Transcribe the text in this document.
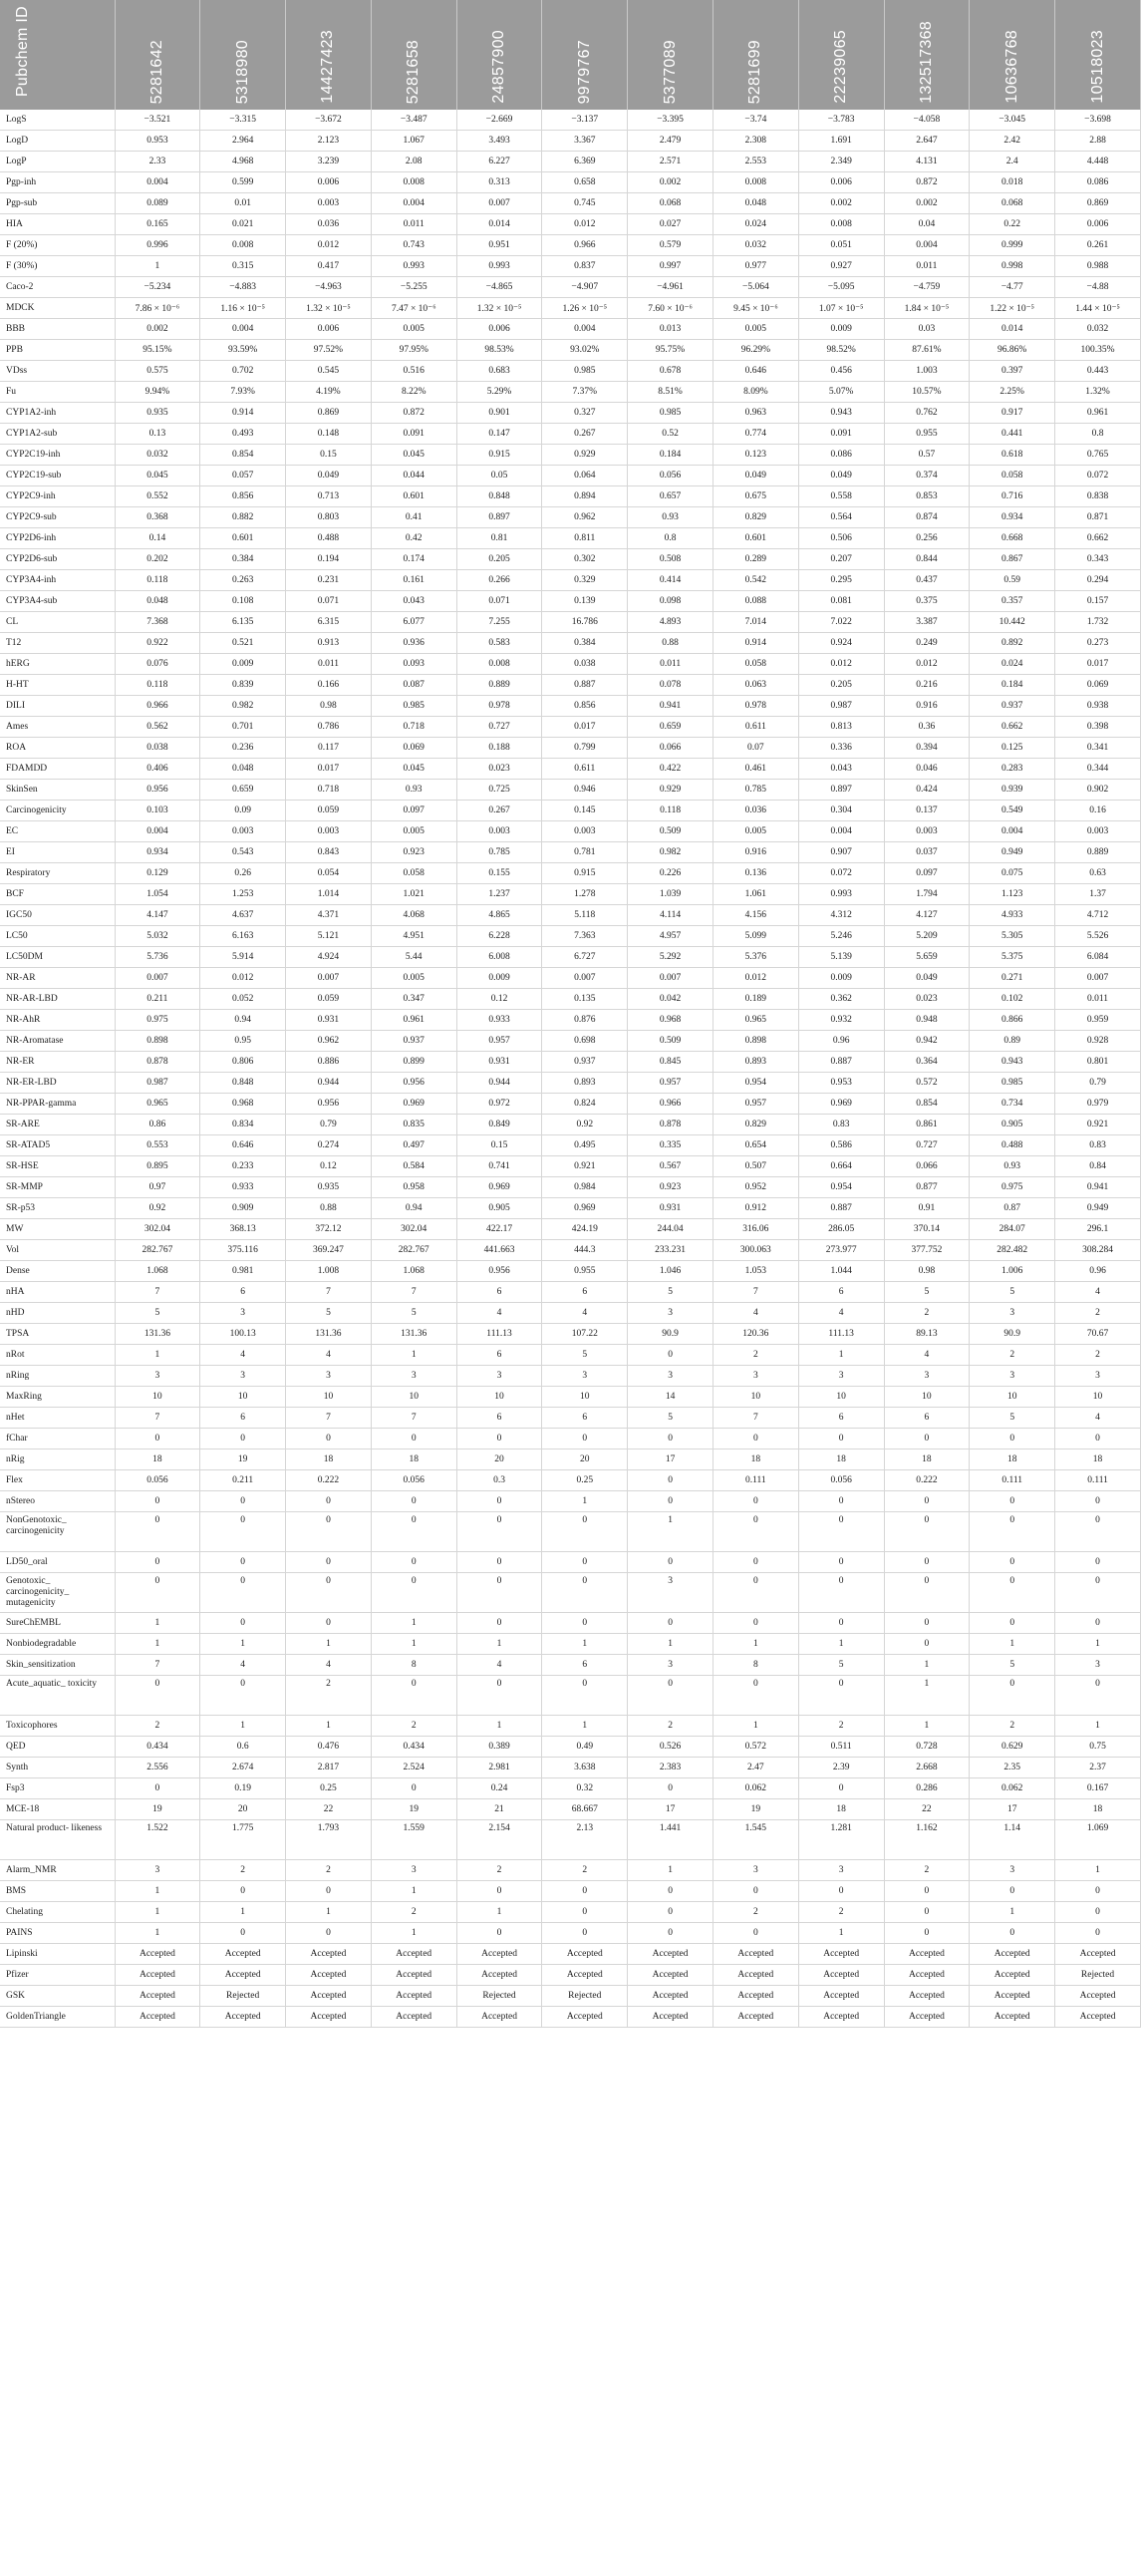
Pubchem ID	5281642	5318980	14427423	5281658	24857900	9979767	5377089	5281699	22239065	132517368	10636768	10518023

LogS	−3.521	−3.315	−3.672	−3.487	−2.669	−3.137	−3.395	−3.74	−3.783	−4.058	−3.045	−3.698
LogD	0.953	2.964	2.123	1.067	3.493	3.367	2.479	2.308	1.691	2.647	2.42	2.88
LogP	2.33	4.968	3.239	2.08	6.227	6.369	2.571	2.553	2.349	4.131	2.4	4.448
Pgp-inh	0.004	0.599	0.006	0.008	0.313	0.658	0.002	0.008	0.006	0.872	0.018	0.086
Pgp-sub	0.089	0.01	0.003	0.004	0.007	0.745	0.068	0.048	0.002	0.002	0.068	0.869
HIA	0.165	0.021	0.036	0.011	0.014	0.012	0.027	0.024	0.008	0.04	0.22	0.006
F (20%)	0.996	0.008	0.012	0.743	0.951	0.966	0.579	0.032	0.051	0.004	0.999	0.261
F (30%)	1	0.315	0.417	0.993	0.993	0.837	0.997	0.977	0.927	0.011	0.998	0.988
Caco-2	−5.234	−4.883	−4.963	−5.255	−4.865	−4.907	−4.961	−5.064	−5.095	−4.759	−4.77	−4.88
MDCK	7.86 × 10⁻⁶	1.16 × 10⁻⁵	1.32 × 10⁻⁵	7.47 × 10⁻⁶	1.32 × 10⁻⁵	1.26 × 10⁻⁵	7.60 × 10⁻⁶	9.45 × 10⁻⁶	1.07 × 10⁻⁵	1.84 × 10⁻⁵	1.22 × 10⁻⁵	1.44 × 10⁻⁵
BBB	0.002	0.004	0.006	0.005	0.006	0.004	0.013	0.005	0.009	0.03	0.014	0.032
PPB	95.15%	93.59%	97.52%	97.95%	98.53%	93.02%	95.75%	96.29%	98.52%	87.61%	96.86%	100.35%
VDss	0.575	0.702	0.545	0.516	0.683	0.985	0.678	0.646	0.456	1.003	0.397	0.443
Fu	9.94%	7.93%	4.19%	8.22%	5.29%	7.37%	8.51%	8.09%	5.07%	10.57%	2.25%	1.32%
CYP1A2-inh	0.935	0.914	0.869	0.872	0.901	0.327	0.985	0.963	0.943	0.762	0.917	0.961
CYP1A2-sub	0.13	0.493	0.148	0.091	0.147	0.267	0.52	0.774	0.091	0.955	0.441	0.8
CYP2C19-inh	0.032	0.854	0.15	0.045	0.915	0.929	0.184	0.123	0.086	0.57	0.618	0.765
CYP2C19-sub	0.045	0.057	0.049	0.044	0.05	0.064	0.056	0.049	0.049	0.374	0.058	0.072
CYP2C9-inh	0.552	0.856	0.713	0.601	0.848	0.894	0.657	0.675	0.558	0.853	0.716	0.838
CYP2C9-sub	0.368	0.882	0.803	0.41	0.897	0.962	0.93	0.829	0.564	0.874	0.934	0.871
CYP2D6-inh	0.14	0.601	0.488	0.42	0.81	0.811	0.8	0.601	0.506	0.256	0.668	0.662
CYP2D6-sub	0.202	0.384	0.194	0.174	0.205	0.302	0.508	0.289	0.207	0.844	0.867	0.343
CYP3A4-inh	0.118	0.263	0.231	0.161	0.266	0.329	0.414	0.542	0.295	0.437	0.59	0.294
CYP3A4-sub	0.048	0.108	0.071	0.043	0.071	0.139	0.098	0.088	0.081	0.375	0.357	0.157
CL	7.368	6.135	6.315	6.077	7.255	16.786	4.893	7.014	7.022	3.387	10.442	1.732
T12	0.922	0.521	0.913	0.936	0.583	0.384	0.88	0.914	0.924	0.249	0.892	0.273
hERG	0.076	0.009	0.011	0.093	0.008	0.038	0.011	0.058	0.012	0.012	0.024	0.017
H-HT	0.118	0.839	0.166	0.087	0.889	0.887	0.078	0.063	0.205	0.216	0.184	0.069
DILI	0.966	0.982	0.98	0.985	0.978	0.856	0.941	0.978	0.987	0.916	0.937	0.938
Ames	0.562	0.701	0.786	0.718	0.727	0.017	0.659	0.611	0.813	0.36	0.662	0.398
ROA	0.038	0.236	0.117	0.069	0.188	0.799	0.066	0.07	0.336	0.394	0.125	0.341
FDAMDD	0.406	0.048	0.017	0.045	0.023	0.611	0.422	0.461	0.043	0.046	0.283	0.344
SkinSen	0.956	0.659	0.718	0.93	0.725	0.946	0.929	0.785	0.897	0.424	0.939	0.902
Carcinogenicity	0.103	0.09	0.059	0.097	0.267	0.145	0.118	0.036	0.304	0.137	0.549	0.16
EC	0.004	0.003	0.003	0.005	0.003	0.003	0.509	0.005	0.004	0.003	0.004	0.003
EI	0.934	0.543	0.843	0.923	0.785	0.781	0.982	0.916	0.907	0.037	0.949	0.889
Respiratory	0.129	0.26	0.054	0.058	0.155	0.915	0.226	0.136	0.072	0.097	0.075	0.63
BCF	1.054	1.253	1.014	1.021	1.237	1.278	1.039	1.061	0.993	1.794	1.123	1.37
IGC50	4.147	4.637	4.371	4.068	4.865	5.118	4.114	4.156	4.312	4.127	4.933	4.712
LC50	5.032	6.163	5.121	4.951	6.228	7.363	4.957	5.099	5.246	5.209	5.305	5.526
LC50DM	5.736	5.914	4.924	5.44	6.008	6.727	5.292	5.376	5.139	5.659	5.375	6.084
NR-AR	0.007	0.012	0.007	0.005	0.009	0.007	0.007	0.012	0.009	0.049	0.271	0.007
NR-AR-LBD	0.211	0.052	0.059	0.347	0.12	0.135	0.042	0.189	0.362	0.023	0.102	0.011
NR-AhR	0.975	0.94	0.931	0.961	0.933	0.876	0.968	0.965	0.932	0.948	0.866	0.959
NR-Aromatase	0.898	0.95	0.962	0.937	0.957	0.698	0.509	0.898	0.96	0.942	0.89	0.928
NR-ER	0.878	0.806	0.886	0.899	0.931	0.937	0.845	0.893	0.887	0.364	0.943	0.801
NR-ER-LBD	0.987	0.848	0.944	0.956	0.944	0.893	0.957	0.954	0.953	0.572	0.985	0.79
NR-PPAR-gamma	0.965	0.968	0.956	0.969	0.972	0.824	0.966	0.957	0.969	0.854	0.734	0.979
SR-ARE	0.86	0.834	0.79	0.835	0.849	0.92	0.878	0.829	0.83	0.861	0.905	0.921
SR-ATAD5	0.553	0.646	0.274	0.497	0.15	0.495	0.335	0.654	0.586	0.727	0.488	0.83
SR-HSE	0.895	0.233	0.12	0.584	0.741	0.921	0.567	0.507	0.664	0.066	0.93	0.84
SR-MMP	0.97	0.933	0.935	0.958	0.969	0.984	0.923	0.952	0.954	0.877	0.975	0.941
SR-p53	0.92	0.909	0.88	0.94	0.905	0.969	0.931	0.912	0.887	0.91	0.87	0.949
MW	302.04	368.13	372.12	302.04	422.17	424.19	244.04	316.06	286.05	370.14	284.07	296.1
Vol	282.767	375.116	369.247	282.767	441.663	444.3	233.231	300.063	273.977	377.752	282.482	308.284
Dense	1.068	0.981	1.008	1.068	0.956	0.955	1.046	1.053	1.044	0.98	1.006	0.96
nHA	7	6	7	7	6	6	5	7	6	5	5	4
nHD	5	3	5	5	4	4	3	4	4	2	3	2
TPSA	131.36	100.13	131.36	131.36	111.13	107.22	90.9	120.36	111.13	89.13	90.9	70.67
nRot	1	4	4	1	6	5	0	2	1	4	2	2
nRing	3	3	3	3	3	3	3	3	3	3	3	3
MaxRing	10	10	10	10	10	10	14	10	10	10	10	10
nHet	7	6	7	7	6	6	5	7	6	6	5	4
fChar	0	0	0	0	0	0	0	0	0	0	0	0
nRig	18	19	18	18	20	20	17	18	18	18	18	18
Flex	0.056	0.211	0.222	0.056	0.3	0.25	0	0.111	0.056	0.222	0.111	0.111
nStereo	0	0	0	0	0	1	0	0	0	0	0	0
NonGenotoxic_ carcinogenicity	0	0	0	0	0	0	1	0	0	0	0	0
LD50_oral	0	0	0	0	0	0	0	0	0	0	0	0
Genotoxic_ carcinogenicity_ mutagenicity	0	0	0	0	0	0	3	0	0	0	0	0
SureChEMBL	1	0	0	1	0	0	0	0	0	0	0	0
Nonbiodegradable	1	1	1	1	1	1	1	1	1	0	1	1
Skin_sensitization	7	4	4	8	4	6	3	8	5	1	5	3
Acute_aquatic_ toxicity	0	0	2	0	0	0	0	0	0	1	0	0
Toxicophores	2	1	1	2	1	1	2	1	2	1	2	1
QED	0.434	0.6	0.476	0.434	0.389	0.49	0.526	0.572	0.511	0.728	0.629	0.75
Synth	2.556	2.674	2.817	2.524	2.981	3.638	2.383	2.47	2.39	2.668	2.35	2.37
Fsp3	0	0.19	0.25	0	0.24	0.32	0	0.062	0	0.286	0.062	0.167
MCE-18	19	20	22	19	21	68.667	17	19	18	22	17	18
Natural product- likeness	1.522	1.775	1.793	1.559	2.154	2.13	1.441	1.545	1.281	1.162	1.14	1.069
Alarm_NMR	3	2	2	3	2	2	1	3	3	2	3	1
BMS	1	0	0	1	0	0	0	0	0	0	0	0
Chelating	1	1	1	2	1	0	0	2	2	0	1	0
PAINS	1	0	0	1	0	0	0	0	1	0	0	0
Lipinski	Accepted	Accepted	Accepted	Accepted	Accepted	Accepted	Accepted	Accepted	Accepted	Accepted	Accepted	Accepted
Pfizer	Accepted	Accepted	Accepted	Accepted	Accepted	Accepted	Accepted	Accepted	Accepted	Accepted	Accepted	Rejected
GSK	Accepted	Rejected	Accepted	Accepted	Rejected	Rejected	Accepted	Accepted	Accepted	Accepted	Accepted	Accepted
GoldenTriangle	Accepted	Accepted	Accepted	Accepted	Accepted	Accepted	Accepted	Accepted	Accepted	Accepted	Accepted	Accepted
